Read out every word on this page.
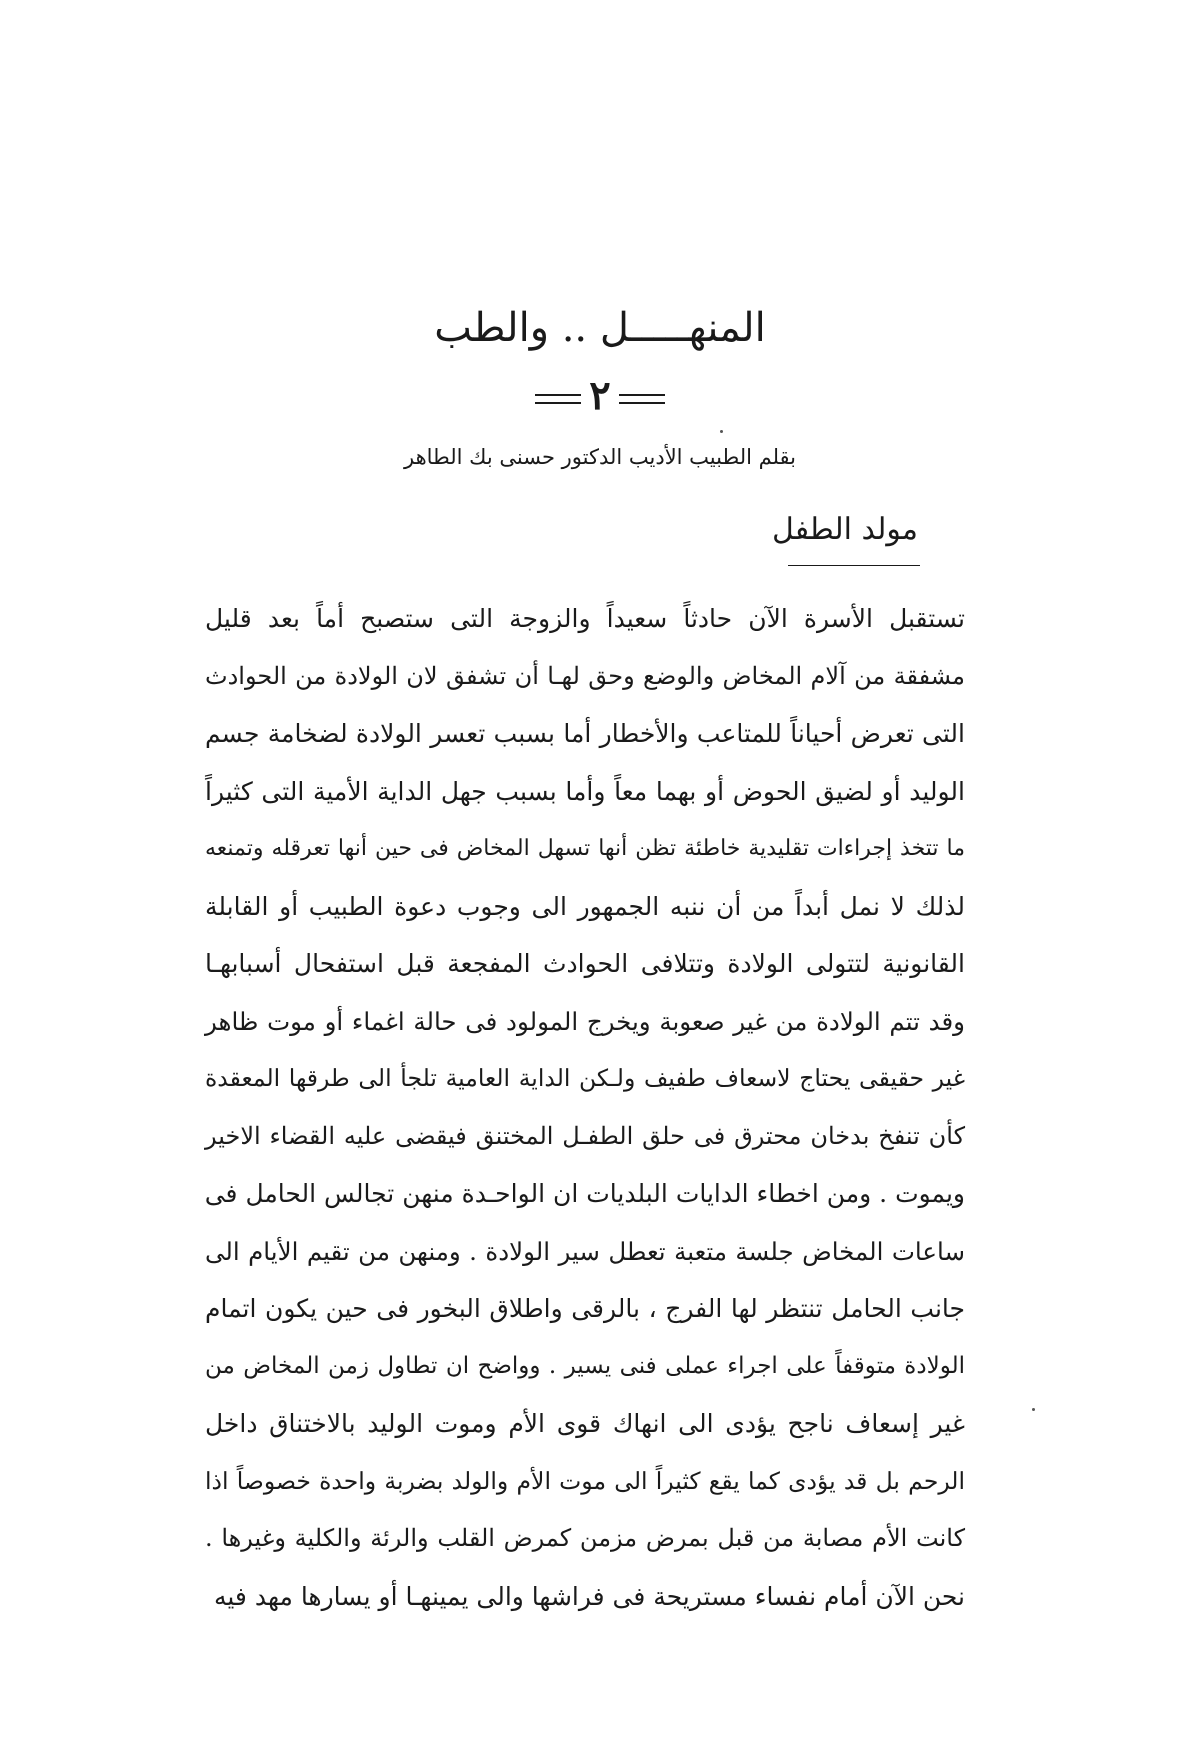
المنهـــــل .. والطب
٢
بقلم الطبيب الأديب الدكتور حسنى بك الطاهر
مولد الطفل
تستقبل الأسرة الآن حادثاً سعيداً والزوجة التى ستصبح أماً بعد قليل
مشفقة من آلام المخاض والوضع وحق لهـا أن تشفق لان الولادة من الحوادث
التى تعرض أحياناً للمتاعب والأخطار أما بسبب تعسر الولادة لضخامة جسم
الوليد أو لضيق الحوض أو بهما معاً وأما بسبب جهل الداية الأمية التى كثيراً
ما تتخذ إجراءات تقليدية خاطئة تظن أنها تسهل المخاض فى حين أنها تعرقله وتمنعه
لذلك لا نمل أبداً من أن ننبه الجمهور الى وجوب دعوة الطبيب أو القابلة
القانونية لتتولى الولادة وتتلافى الحوادث المفجعة قبل استفحال أسبابهـا
وقد تتم الولادة من غير صعوبة ويخرج المولود فى حالة اغماء أو موت ظاهر
غير حقيقى يحتاج لاسعاف طفيف ولـكن الداية العامية تلجأ الى طرقها المعقدة
كأن تنفخ بدخان محترق فى حلق الطفـل المختنق فيقضى عليه القضاء الاخير
ويموت . ومن اخطاء الدايات البلديات ان الواحـدة منهن تجالس الحامل فى
ساعات المخاض جلسة متعبة تعطل سير الولادة . ومنهن من تقيم الأيام الى
جانب الحامل تنتظر لها الفرج ، بالرقى واطلاق البخور فى حين يكون اتمام
الولادة متوقفاً على اجراء عملى فنى يسير . وواضح ان تطاول زمن المخاض من
غير إسعاف ناجح يؤدى الى انهاك قوى الأم وموت الوليد بالاختناق داخل
الرحم بل قد يؤدى كما يقع كثيراً الى موت الأم والولد بضربة واحدة خصوصاً اذا
كانت الأم مصابة من قبل بمرض مزمن كمرض القلب والرئة والكلية وغيرها .
نحن الآن أمام نفساء مستريحة فى فراشها والى يمينهـا أو يسارها مهد فيه
